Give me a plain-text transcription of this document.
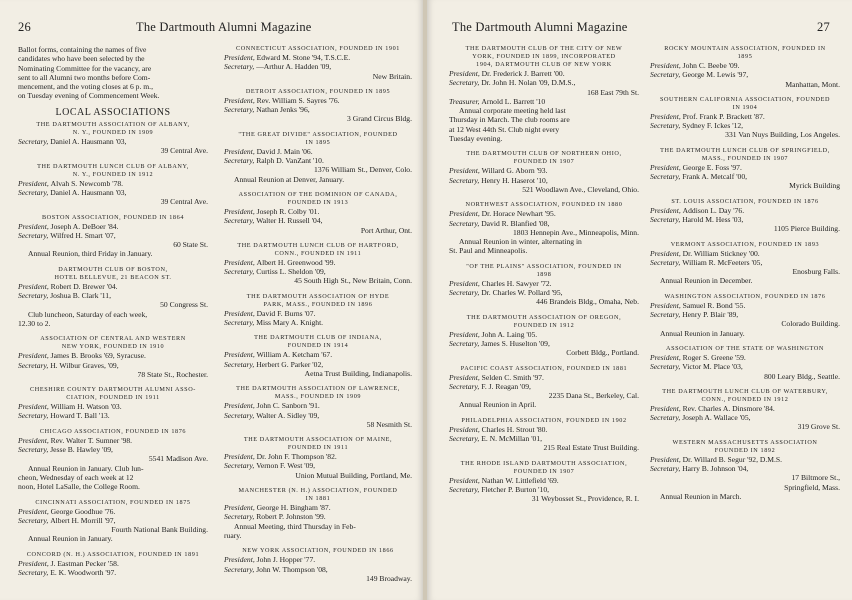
26	The Dartmouth Alumni Magazine
Ballot forms, containing the names of five
candidates who have been selected by the
Nominating Committee for the vacancy, are
sent to all Alumni two months before Com-
mencement, and the voting closes at 6 p. m.,
on Tuesday evening of Commencement Week.
LOCAL ASSOCIATIONS
THE DARTMOUTH ASSOCIATION OF ALBANY,
N. Y., FOUNDED IN 1909
Secretary, Daniel A. Hausmann '03,
39 Central Ave.
THE DARTMOUTH LUNCH CLUB OF ALBANY,
N. Y., FOUNDED IN 1912
President, Alvah S. Newcomb '78.
Secretary, Daniel A. Hausmann '03,
39 Central Ave.
BOSTON ASSOCIATION, FOUNDED IN 1864
President, Joseph A. DeBoer '84.
Secretary, Wilfred H. Smart '07,
60 State St.
Annual Reunion, third Friday in January.
DARTMOUTH CLUB OF BOSTON,
HOTEL BELLEVUE, 21 BEACON ST.
President, Robert D. Brewer '04.
Secretary, Joshua B. Clark '11,
50 Congress St.
Club luncheon, Saturday of each week,
12.30 to 2.
ASSOCIATION OF CENTRAL AND WESTERN
NEW YORK, FOUNDED IN 1910
President, James B. Brooks '69, Syracuse.
Secretary, H. Wilbur Graves, '09,
78 State St., Rochester.
CHESHIRE COUNTY DARTMOUTH ALUMNI ASSO-
CIATION, FOUNDED IN 1911
President, William H. Watson '03.
Secretary, Howard T. Ball '13.
CHICAGO ASSOCIATION, FOUNDED IN 1876
President, Rev. Walter T. Sumner '98.
Secretary, Jesse B. Hawley '09,
5541 Madison Ave.
Annual Reunion in January. Club lun-
cheon, Wednesday of each week at 12
noon, Hotel LaSalle, the College Room.
CINCINNATI ASSOCIATION, FOUNDED IN 1875
President, George Goodhue '76.
Secretary, Albert H. Morrill '97,
Fourth National Bank Building.
Annual Reunion in January.
CONCORD (N. H.) ASSOCIATION, FOUNDED IN 1891
President, J. Eastman Pecker '58.
Secretary, E. K. Woodworth '97.
CONNECTICUT ASSOCIATION, FOUNDED IN 1901
President, Edward M. Stone '94, T.S.C.E.
Secretary, —Arthur A. Hadden '09,
New Britain.
DETROIT ASSOCIATION, FOUNDED IN 1895
President, Rev. William S. Sayres '76.
Secretary, Nathan Jenks '96,
3 Grand Circus Bldg.
"THE GREAT DIVIDE" ASSOCIATION, FOUNDED
IN 1895
President, David J. Main '06.
Secretary, Ralph D. VanZant '10.
1376 William St., Denver, Colo.
Annual Reunion at Denver, January.
ASSOCIATION OF THE DOMINION OF CANADA,
FOUNDED IN 1913
President, Joseph R. Colby '01.
Secretary, Walter H. Russell '04,
Port Arthur, Ont.
THE DARTMOUTH LUNCH CLUB OF HARTFORD,
CONN., FOUNDED IN 1911
President, Albert H. Greenwood '99.
Secretary, Curtiss L. Sheldon '09,
45 South High St., New Britain, Conn.
THE DARTMOUTH ASSOCIATION OF HYDE
PARK, MASS., FOUNDED IN 1896
President, David F. Burns '07.
Secretary, Miss Mary A. Knight.
THE DARTMOUTH CLUB OF INDIANA,
FOUNDED IN 1914
President, William A. Ketcham '67.
Secretary, Herbert G. Parker '02,
Aetna Trust Building, Indianapolis.
THE DARTMOUTH ASSOCIATION OF LAWRENCE,
MASS., FOUNDED IN 1909
President, John C. Sanborn '91.
Secretary, Walter A. Sidley '09,
58 Nesmith St.
THE DARTMOUTH ASSOCIATION OF MAINE,
FOUNDED IN 1911
President, Dr. John F. Thompson '82.
Secretary, Vernon F. West '09,
Union Mutual Building, Portland, Me.
MANCHESTER (N. H.) ASSOCIATION, FOUNDED
IN 1881
President, George H. Bingham '87.
Secretary, Robert P. Johnston '99.
Annual Meeting, third Thursday in Feb-
ruary.
NEW YORK ASSOCIATION, FOUNDED IN 1866
President, John J. Hopper '77.
Secretary, John W. Thompson '08,
149 Broadway.
The Dartmouth Alumni Magazine	27
THE DARTMOUTH CLUB OF THE CITY OF NEW
YORK, FOUNDED IN 1899, INCORPORATED
1904, DARTMOUTH CLUB OF NEW YORK
President, Dr. Frederick J. Barrett '00.
Secretary, Dr. John H. Nolan '09, D.M.S.,
168 East 79th St.
Treasurer, Arnold L. Barrett '10
Annual corporate meeting held last
Thursday in March. The club rooms are
at 12 West 44th St. Club night every
Tuesday evening.
THE DARTMOUTH CLUB OF NORTHERN OHIO,
FOUNDED IN 1907
President, Willard G. Aborn '93.
Secretary, Henry H. Haserot '10,
521 Woodlawn Ave., Cleveland, Ohio.
NORTHWEST ASSOCIATION, FOUNDED IN 1880
President, Dr. Horace Newhart '95.
Secretary, David R. Blanfied '08,
1803 Hennepin Ave., Minneapolis, Minn.
Annual Reunion in winter, alternating in
St. Paul and Minneapolis.
"OF THE PLAINS" ASSOCIATION, FOUNDED IN
1898
President, Charles H. Sawyer '72.
Secretary, Dr. Charles W. Pollard '95,
446 Brandeis Bldg., Omaha, Neb.
THE DARTMOUTH ASSOCIATION OF OREGON,
FOUNDED IN 1912
President, John A. Laing '05.
Secretary, James S. Huselton '09,
Corbett Bldg., Portland.
PACIFIC COAST ASSOCIATION, FOUNDED IN 1881
President, Selden C. Smith '97.
Secretary, F. J. Reagan '09,
2235 Dana St., Berkeley, Cal.
Annual Reunion in April.
PHILADELPHIA ASSOCIATION, FOUNDED IN 1902
President, Charles H. Strout '80.
Secretary, E. N. McMillan '01,
215 Real Estate Trust Building.
THE RHODE ISLAND DARTMOUTH ASSOCIATION,
FOUNDED IN 1907
President, Nathan W. Littlefield '69.
Secretary, Fletcher P. Burton '10,
31 Weybosset St., Providence, R. I.
ROCKY MOUNTAIN ASSOCIATION, FOUNDED IN
1895
President, John C. Beebe '09.
Secretary, George M. Lewis '97,
Manhattan, Mont.
SOUTHERN CALIFORNIA ASSOCIATION, FOUNDED
IN 1904
President, Prof. Frank P. Brackett '87.
Secretary, Sydney F. Ickes '12,
331 Van Nuys Building, Los Angeles.
THE DARTMOUTH LUNCH CLUB OF SPRINGFIELD,
MASS., FOUNDED IN 1907
President, George E. Foss '97.
Secretary, Frank A. Metcalf '00,
Myrick Building
ST. LOUIS ASSOCIATION, FOUNDED IN 1876
President, Addison L. Day '76.
Secretary, Harold M. Hess '03,
1105 Pierce Building.
VERMONT ASSOCIATION, FOUNDED IN 1893
President, Dr. William Stickney '00.
Secretary, William R. McFeeters '05,
Enosburg Falls.
Annual Reunion in December.
WASHINGTON ASSOCIATION, FOUNDED IN 1876
President, Samuel R. Bond '55.
Secretary, Henry P. Blair '89,
Colorado Building.
Annual Reunion in January.
ASSOCIATION OF THE STATE OF WASHINGTON
President, Roger S. Greene '59.
Secretary, Victor M. Place '03,
800 Leary Bldg., Seattle.
THE DARTMOUTH LUNCH CLUB OF WATERBURY,
CONN., FOUNDED IN 1912
President, Rev. Charles A. Dinsmore '84.
Secretary, Joseph A. Wallace '05,
319 Grove St.
WESTERN MASSACHUSETTS ASSOCIATION
FOUNDED IN 1892
President, Dr. Willard B. Segur '92, D.M.S.
Secretary, Harry B. Johnson '04,
17 Biltmore St.,
Springfield, Mass.
Annual Reunion in March.
